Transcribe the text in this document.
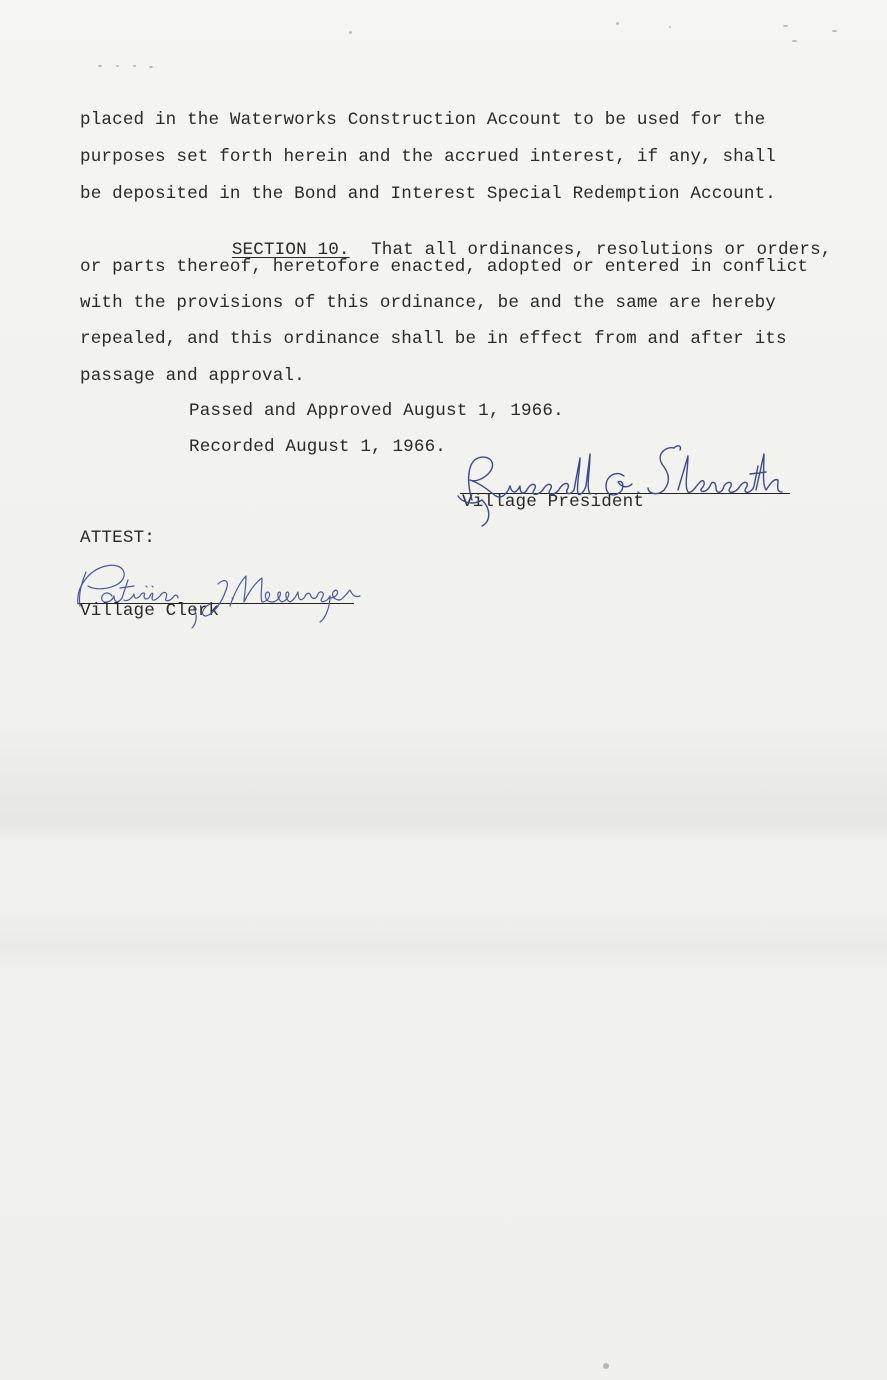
placed in the Waterworks Construction Account to be used for the
purposes set forth herein and the accrued interest, if any, shall
be deposited in the Bond and Interest Special Redemption Account.

SECTION 10. That all ordinances, resolutions or orders,

or parts thereof, heretofore enacted, adopted or entered in conflict
with the provisions of this ordinance, be and the same are hereby
repealed, and this ordinance shall be in effect from and after its
passage and approval.
Passed and Approved August 1, 1966.
Recorded August 1, 1966.
Village President
ATTEST:
Village Clerk
